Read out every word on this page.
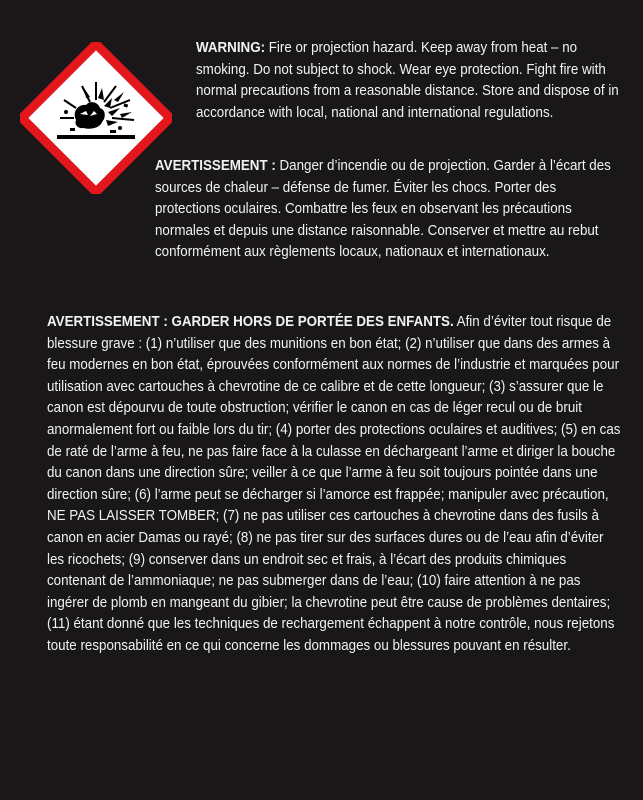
WARNING: Fire or projection hazard. Keep away from heat – no smoking. Do not subject to shock. Wear eye protection. Fight fire with normal precautions from a reasonable distance. Store and dispose of in accordance with local, national and international regulations.

AVERTISSEMENT : Danger d’incendie ou de projection. Garder à l’écart des sources de chaleur – défense de fumer. Éviter les chocs. Porter des protections oculaires. Combattre les feux en observant les précautions normales et depuis une distance raisonnable. Conserver et mettre au rebut conformément aux règlements locaux, nationaux et internationaux.

AVERTISSEMENT : GARDER HORS DE PORTÉE DES ENFANTS. Afin d’éviter tout risque de blessure grave : (1) n’utiliser que des munitions en bon état; (2) n’utiliser que dans des armes à feu modernes en bon état, éprouvées conformément aux normes de l’industrie et marquées pour utilisation avec cartouches à chevrotine de ce calibre et de cette longueur; (3) s’assurer que le canon est dépourvu de toute obstruction; vérifier le canon en cas de léger recul ou de bruit anormalement fort ou faible lors du tir; (4) porter des protections oculaires et auditives; (5) en cas de raté de l’arme à feu, ne pas faire face à la culasse en déchargeant l’arme et diriger la bouche du canon dans une direction sûre; veiller à ce que l’arme à feu soit toujours pointée dans une direction sûre; (6) l’arme peut se décharger si l’amorce est frappée; manipuler avec précaution, NE PAS LAISSER TOMBER; (7) ne pas utiliser ces cartouches à chevrotine dans des fusils à canon en acier Damas ou rayé; (8) ne pas tirer sur des surfaces dures ou de l’eau afin d’éviter les ricochets; (9) conserver dans un endroit sec et frais, à l’écart des produits chimiques contenant de l’ammoniaque; ne pas submerger dans de l’eau; (10) faire attention à ne pas ingérer de plomb en mangeant du gibier; la chevrotine peut être cause de problèmes dentaires; (11) étant donné que les techniques de rechargement échappent à notre contrôle, nous rejetons toute responsabilité en ce qui concerne les dommages ou blessures pouvant en résulter.
